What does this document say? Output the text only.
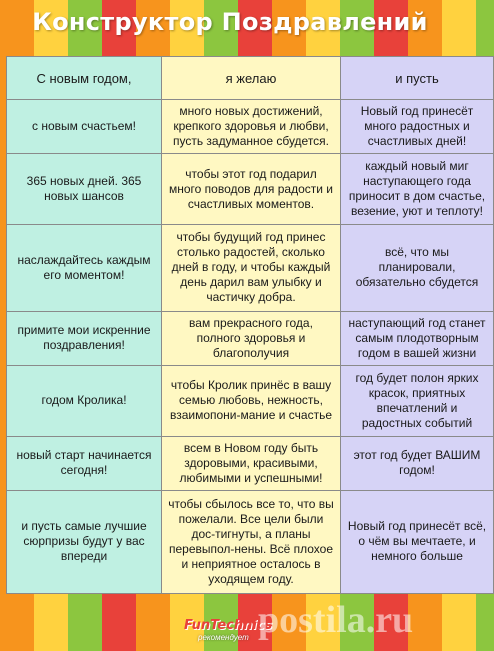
Конструктор Поздравлений
С новым годом,	я желаю	и пусть
с новым счастьем!	много новых достижений, крепкого здоровья и любви, пусть задуманное сбудется.	Новый год принесёт много радостных и счастливых дней!
365 новых дней. 365 новых шансов	чтобы этот год подарил много поводов для радости и счастливых моментов.	каждый новый миг наступающего года приносит в дом счастье, везение, уют и теплоту!
наслаждайтесь каждым его моментом!	чтобы будущий год принес столько радостей, сколько дней в году, и чтобы каждый день дарил вам улыбку и частичку добра.	всё, что мы планировали, обязательно сбудется
примите мои искренние поздравления!	вам прекрасного года, полного здоровья и благополучия	наступающий год станет самым плодотворным годом в вашей жизни
годом Кролика!	чтобы Кролик принёс в вашу семью любовь, нежность, взаимопони-мание и счастье	год будет полон ярких красок, приятных впечатлений и радостных событий
новый старт начинается сегодня!	всем в Новом году быть здоровыми, красивыми, любимыми и успешными!	этот год будет ВАШИМ годом!
и пусть самые лучшие сюрпризы будут у вас впереди	чтобы сбылось все то, что вы пожелали. Все цели были дос-тигнуты, а планы перевыпол-нены. Всё плохое и неприятное осталось в уходящем году.	Новый год принесёт всё, о чём вы мечтаете, и немного больше
FunTechnics
рекомендует postila.ru
